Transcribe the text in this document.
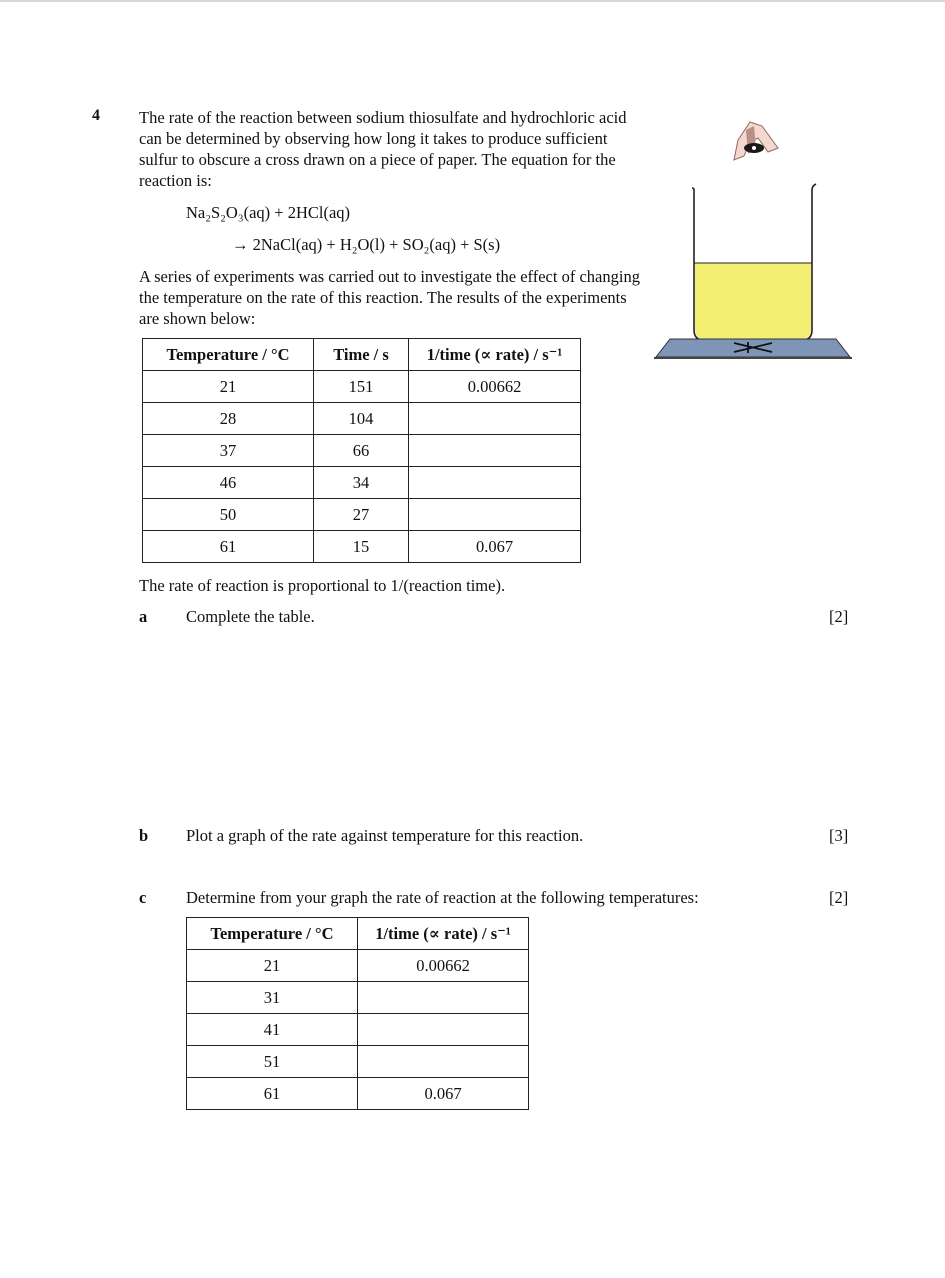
4 The rate of the reaction between sodium thiosulfate and hydrochloric acid can be determined by observing how long it takes to produce sufficient sulfur to obscure a cross drawn on a piece of paper. The equation for the reaction is:
Na₂S₂O₃(aq) + 2HCl(aq)
→ 2NaCl(aq) + H₂O(l) + SO₂(aq) + S(s)
A series of experiments was carried out to investigate the effect of changing the temperature on the rate of this reaction. The results of the experiments are shown below:
Temperature / °C	Time / s	1/time (∝ rate) / s⁻¹
21	151	0.00662
28	104	
37	66	
46	34	
50	27	
61	15	0.067
The rate of reaction is proportional to 1/(reaction time).
a Complete the table.	[2]
b Plot a graph of the rate against temperature for this reaction.	[3]
c Determine from your graph the rate of reaction at the following temperatures:	[2]
Temperature / °C	1/time (∝ rate) / s⁻¹
21	0.00662
31	
41	
51	
61	0.067
